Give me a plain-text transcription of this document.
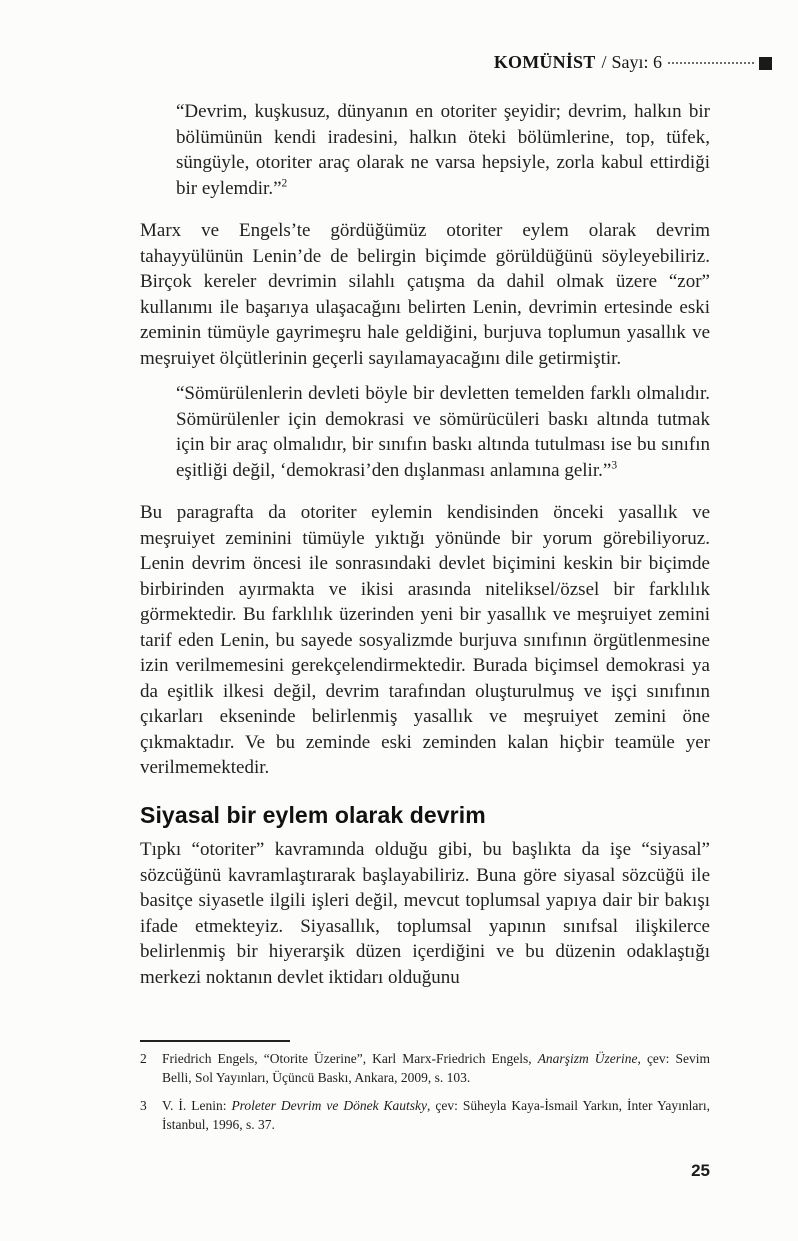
KOMÜNİST / Sayı: 6
“Devrim, kuşkusuz, dünyanın en otoriter şeyidir; devrim, halkın bir bölümünün kendi iradesini, halkın öteki bölümlerine, top, tüfek, süngüyle, otoriter araç olarak ne varsa hepsiyle, zorla kabul ettirdiği bir eylemdir.”$^2$

Marx ve Engels’te gördüğümüz otoriter eylem olarak devrim tahayyülünün Lenin’de de belirgin biçimde görüldüğünü söyleyebiliriz. Birçok kereler devrimin silahlı çatışma da dahil olmak üzere “zor” kullanımı ile başarıya ulaşacağını belirten Lenin, devrimin ertesinde eski zeminin tümüyle gayrimeşru hale geldiğini, burjuva toplumun yasallık ve meşruiyet ölçütlerinin geçerli sayılamayacağını dile getirmiştir.

“Sömürülenlerin devleti böyle bir devletten temelden farklı olmalıdır. Sömürülenler için demokrasi ve sömürücüleri baskı altında tutmak için bir araç olmalıdır, bir sınıfın baskı altında tutulması ise bu sınıfın eşitliği değil, ‘demokrasi’den dışlanması anlamına gelir.”$^3$

Bu paragrafta da otoriter eylemin kendisinden önceki yasallık ve meşruiyet zeminini tümüyle yıktığı yönünde bir yorum görebiliyoruz. Lenin devrim öncesi ile sonrasındaki devlet biçimini keskin bir biçimde birbirinden ayırmakta ve ikisi arasında niteliksel/özsel bir farklılık görmektedir. Bu farklılık üzerinden yeni bir yasallık ve meşruiyet zemini tarif eden Lenin, bu sayede sosyalizmde burjuva sınıfının örgütlenmesine izin verilmemesini gerekçelendirmektedir. Burada biçimsel demokrasi ya da eşitlik ilkesi değil, devrim tarafından oluşturulmuş ve işçi sınıfının çıkarları ekseninde belirlenmiş yasallık ve meşruiyet zemini öne çıkmaktadır. Ve bu zeminde eski zeminden kalan hiçbir teamüle yer verilmemektedir.

Siyasal bir eylem olarak devrim

Tıpkı “otoriter” kavramında olduğu gibi, bu başlıkta da işe “siyasal” sözcüğünü kavramlaştırarak başlayabiliriz. Buna göre siyasal sözcüğü ile basitçe siyasetle ilgili işleri değil, mevcut toplumsal yapıya dair bir bakışı ifade etmekteyiz. Siyasallık, toplumsal yapının sınıfsal ilişkilerce belirlenmiş bir hiyerarşik düzen içerdiğini ve bu düzenin odaklaştığı merkezi noktanın devlet iktidarı olduğunu

2	Friedrich Engels, “Otorite Üzerine”, Karl Marx-Friedrich Engels, Anarşizm Üzerine, çev: Sevim Belli, Sol Yayınları, Üçüncü Baskı, Ankara, 2009, s. 103.
3	V. İ. Lenin: Proleter Devrim ve Dönek Kautsky, çev: Süheyla Kaya-İsmail Yarkın, İnter Yayınları, İstanbul, 1996, s. 37.
25
